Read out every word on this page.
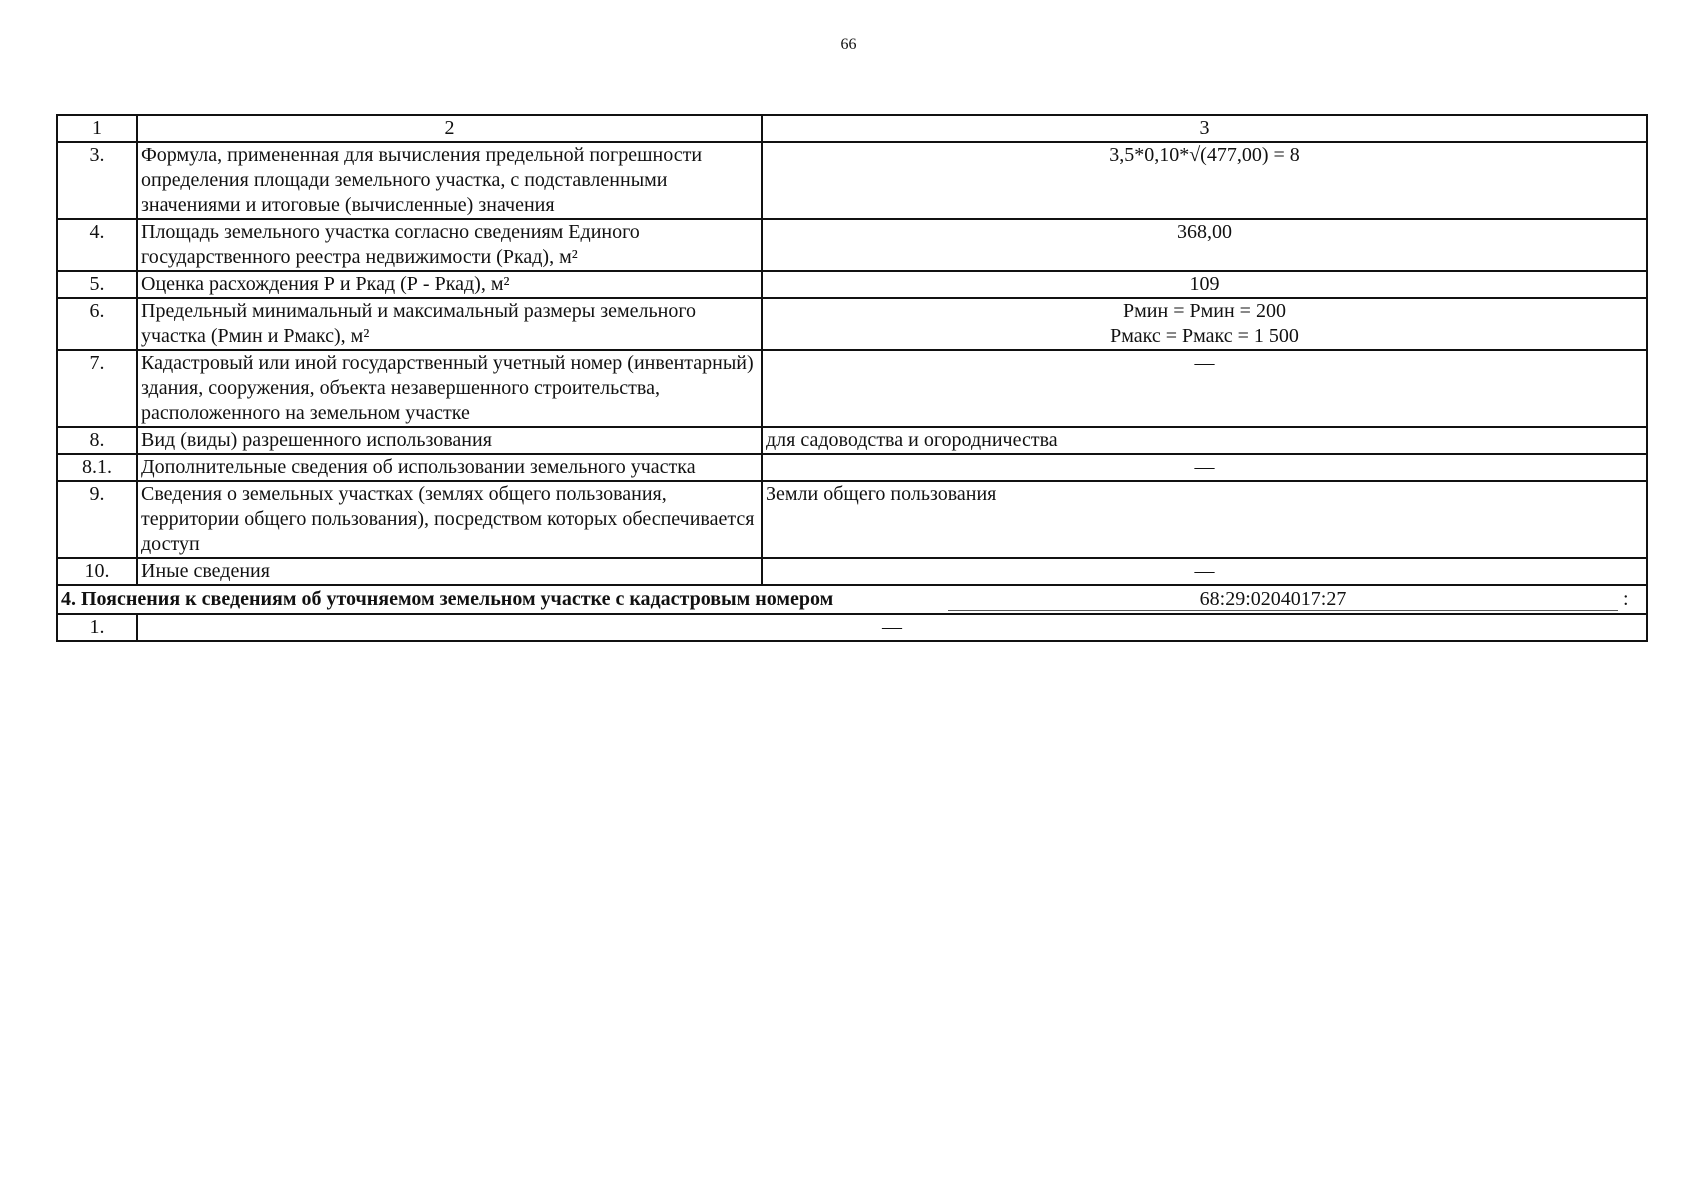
66
1	2	3
3.	Формула, примененная для вычисления предельной погрешности определения площади земельного участка, с подставленными значениями и итоговые (вычисленные) значения	3,5*0,10*√(477,00) = 8
4.	Площадь земельного участка согласно сведениям Единого государственного реестра недвижимости (Ркад), м²	368,00
5.	Оценка расхождения Р и Ркад (Р - Ркад), м²	109
6.	Предельный минимальный и максимальный размеры земельного участка (Рмин и Рмакс), м²	Рмин = Рмин = 200
Рмакс = Рмакс = 1 500
7.	Кадастровый или иной государственный учетный номер (инвентарный) здания, сооружения, объекта незавершенного строительства, расположенного на земельном участке	—
8.	Вид (виды) разрешенного использования	для садоводства и огородничества
8.1.	Дополнительные сведения об использовании земельного участка	—
9.	Сведения о земельных участках (землях общего пользования, территории общего пользования), посредством которых обеспечивается доступ	Земли общего пользования
10.	Иные сведения	—

4. Пояснения к сведениям об уточняемом земельном участке с кадастровым номером 68:29:0204017:27 :		

1.	—	
